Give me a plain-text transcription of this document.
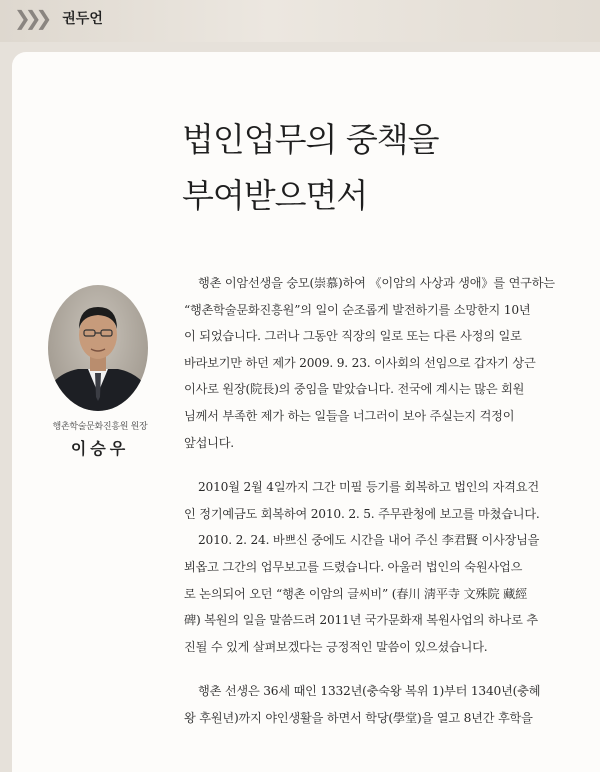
❯❯❯ 권두언
법인업무의 중책을
부여받으면서
행촌학술문화진흥원 원장
이승우
행촌 이암선생을 숭모(崇慕)하여 《이암의 사상과 생애》를 연구하는
“행촌학술문화진흥원”의 일이 순조롭게 발전하기를 소망한지 10년
이 되었습니다. 그러나 그동안 직장의 일로 또는 다른 사정의 일로
바라보기만 하던 제가 2009. 9. 23. 이사회의 선임으로 갑자기 상근
이사로 원장(院長)의 중임을 맡았습니다. 전국에 계시는 많은 회원
님께서 부족한 제가 하는 일들을 너그러이 보아 주실는지 걱정이
앞섭니다.
2010월 2월 4일까지 그간 미필 등기를 회복하고 법인의 자격요건
인 정기예금도 회복하여 2010. 2. 5. 주무관청에 보고를 마쳤습니다.
2010. 2. 24. 바쁘신 중에도 시간을 내어 주신 李君賢 이사장님을
뵈옵고 그간의 업무보고를 드렸습니다. 아울러 법인의 숙원사업으
로 논의되어 오던 “행촌 이암의 글씨비” (春川 淸平寺 文殊院 藏經
碑) 복원의 일을 말씀드려 2011년 국가문화재 복원사업의 하나로 추
진될 수 있게 살펴보겠다는 긍정적인 말씀이 있으셨습니다.
행촌 선생은 36세 때인 1332년(충숙왕 복위 1)부터 1340년(충혜
왕 후원년)까지 야인생활을 하면서 학당(學堂)을 열고 8년간 후학을
